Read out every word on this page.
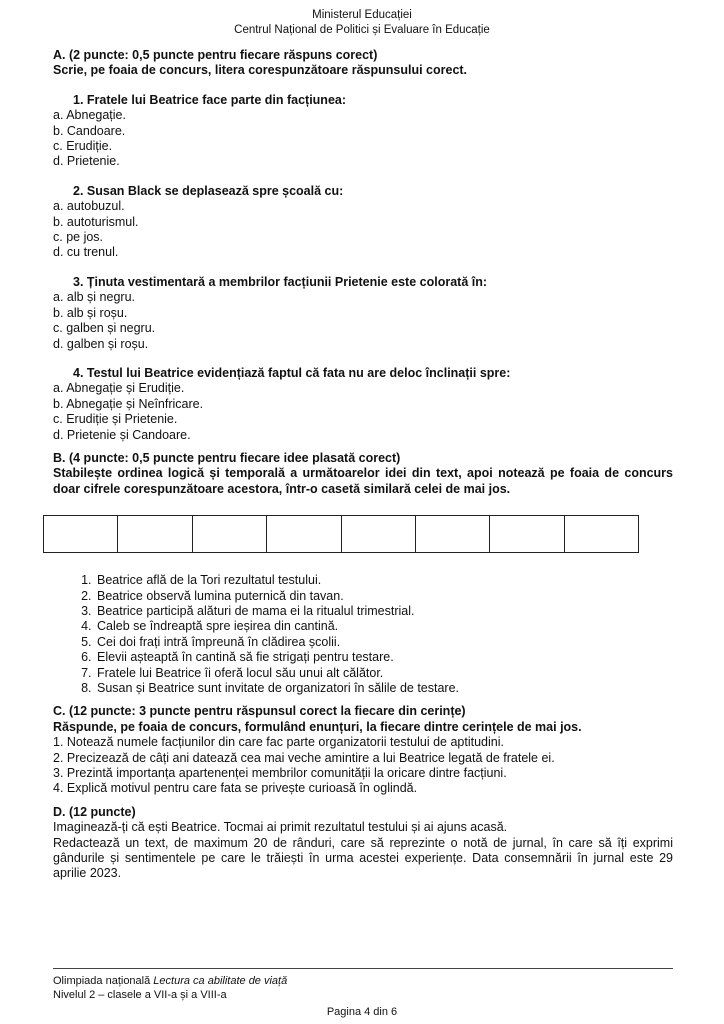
Ministerul Educației
Centrul Național de Politici și Evaluare în Educație
A. (2 puncte: 0,5 puncte pentru fiecare răspuns corect)
Scrie, pe foaia de concurs, litera corespunzătoare răspunsului corect.
1. Fratele lui Beatrice face parte din facțiunea:
a. Abnegație.
b. Candoare.
c. Erudiție.
d. Prietenie.
2. Susan Black se deplasează spre școală cu:
a. autobuzul.
b. autoturismul.
c. pe jos.
d. cu trenul.
3. Ținuta vestimentară a membrilor facțiunii Prietenie este colorată în:
a. alb și negru.
b. alb și roșu.
c. galben și negru.
d. galben și roșu.
4. Testul lui Beatrice evidențiază faptul că fata nu are deloc înclinații spre:
a. Abnegație și Erudiție.
b. Abnegație și Neînfricare.
c. Erudiție și Prietenie.
d. Prietenie și Candoare.
B. (4 puncte: 0,5 puncte pentru fiecare idee plasată corect)
Stabilește ordinea logică și temporală a următoarelor idei din text, apoi notează pe foaia de concurs doar cifrele corespunzătoare acestora, într-o casetă similară celei de mai jos.
1. Beatrice află de la Tori rezultatul testului.
2. Beatrice observă lumina puternică din tavan.
3. Beatrice participă alături de mama ei la ritualul trimestrial.
4. Caleb se îndreaptă spre ieșirea din cantină.
5. Cei doi frați intră împreună în clădirea școlii.
6. Elevii așteaptă în cantină să fie strigați pentru testare.
7. Fratele lui Beatrice îi oferă locul său unui alt călător.
8. Susan și Beatrice sunt invitate de organizatori în sălile de testare.
C. (12 puncte: 3 puncte pentru răspunsul corect la fiecare din cerințe)
Răspunde, pe foaia de concurs, formulând enunțuri, la fiecare dintre cerințele de mai jos.
1. Notează numele facțiunilor din care fac parte organizatorii testului de aptitudini.
2. Precizează de câți ani datează cea mai veche amintire a lui Beatrice legată de fratele ei.
3. Prezintă importanța apartenenței membrilor comunității la oricare dintre facțiuni.
4. Explică motivul pentru care fata se privește curioasă în oglindă.
D. (12 puncte)
Imaginează-ți că ești Beatrice. Tocmai ai primit rezultatul testului și ai ajuns acasă.
Redactează un text, de maximum 20 de rânduri, care să reprezinte o notă de jurnal, în care să îți exprimi gândurile și sentimentele pe care le trăiești în urma acestei experiențe. Data consemnării în jurnal este 29 aprilie 2023.
Olimpiada națională Lectura ca abilitate de viață
Nivelul 2 – clasele a VII-a și a VIII-a
Pagina 4 din 6
